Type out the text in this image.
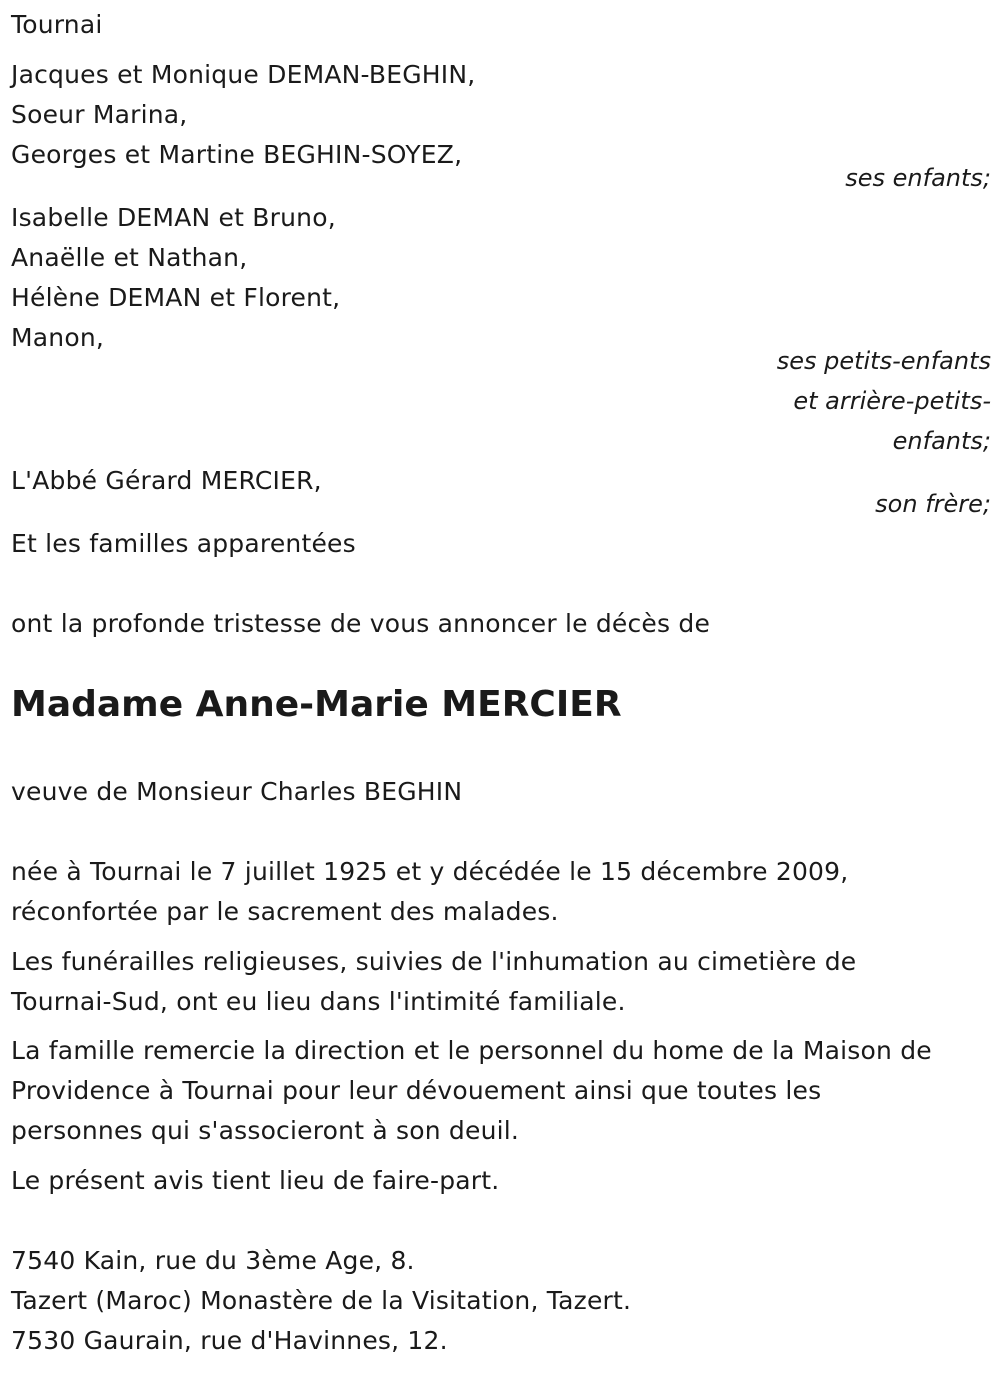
Tournai
Jacques et Monique DEMAN-BEGHIN,
Soeur Marina,
Georges et Martine BEGHIN-SOYEZ,
ses enfants;
Isabelle DEMAN et Bruno,
Anaëlle et Nathan,
Hélène DEMAN et Florent,
Manon,
ses petits-enfants
et arrière-petits-
enfants;
L'Abbé Gérard MERCIER,
son frère;
Et les familles apparentées
ont la profonde tristesse de vous annoncer le décès de
Madame Anne-Marie MERCIER
veuve de Monsieur Charles BEGHIN
née à Tournai le 7 juillet 1925 et y décédée le 15 décembre 2009,
réconfortée par le sacrement des malades.
Les funérailles religieuses, suivies de l'inhumation au cimetière de
Tournai-Sud, ont eu lieu dans l'intimité familiale.
La famille remercie la direction et le personnel du home de la Maison de
Providence à Tournai pour leur dévouement ainsi que toutes les
personnes qui s'associeront à son deuil.
Le présent avis tient lieu de faire-part.
7540 Kain, rue du 3ème Age, 8.
Tazert (Maroc) Monastère de la Visitation, Tazert.
7530 Gaurain, rue d'Havinnes, 12.
